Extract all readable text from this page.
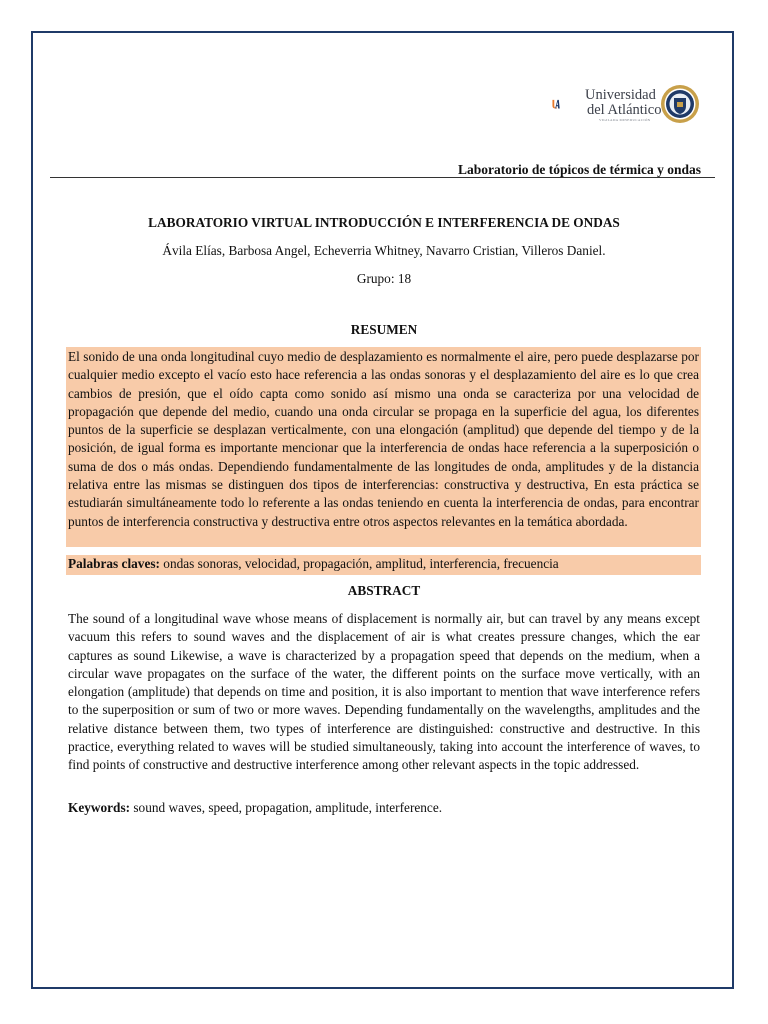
Universidad
del Atlántico
VIGILADA MINEDUCACIÓN
Laboratorio de tópicos de térmica y ondas
LABORATORIO VIRTUAL INTRODUCCIÓN E INTERFERENCIA DE ONDAS
Ávila Elías, Barbosa Angel, Echeverria Whitney, Navarro Cristian, Villeros Daniel.
Grupo: 18
RESUMEN
El sonido de una onda longitudinal cuyo medio de desplazamiento es normalmente el aire, pero puede desplazarse por cualquier medio excepto el vacío esto hace referencia a las ondas sonoras y el desplazamiento del aire es lo que crea cambios de presión, que el oído capta como sonido así mismo una onda se caracteriza por una velocidad de propagación que depende del medio, cuando una onda circular se propaga en la superficie del agua, los diferentes puntos de la superficie se desplazan verticalmente, con una elongación (amplitud) que depende del tiempo y de la posición, de igual forma es importante mencionar que la interferencia de ondas hace referencia a la superposición o suma de dos o más ondas. Dependiendo fundamentalmente de las longitudes de onda, amplitudes y de la distancia relativa entre las mismas se distinguen dos tipos de interferencias: constructiva y destructiva, En esta práctica se estudiarán simultáneamente todo lo referente a las ondas teniendo en cuenta la interferencia de ondas, para encontrar puntos de interferencia constructiva y destructiva entre otros aspectos relevantes en la temática abordada.
Palabras claves: ondas sonoras, velocidad, propagación, amplitud, interferencia, frecuencia
ABSTRACT
The sound of a longitudinal wave whose means of displacement is normally air, but can travel by any means except vacuum this refers to sound waves and the displacement of air is what creates pressure changes, which the ear captures as sound Likewise, a wave is characterized by a propagation speed that depends on the medium, when a circular wave propagates on the surface of the water, the different points on the surface move vertically, with an elongation (amplitude) that depends on time and position, it is also important to mention that wave interference refers to the superposition or sum of two or more waves. Depending fundamentally on the wavelengths, amplitudes and the relative distance between them, two types of interference are distinguished: constructive and destructive. In this practice, everything related to waves will be studied simultaneously, taking into account the interference of waves, to find points of constructive and destructive interference among other relevant aspects in the topic addressed.
Keywords: sound waves, speed, propagation, amplitude, interference.
